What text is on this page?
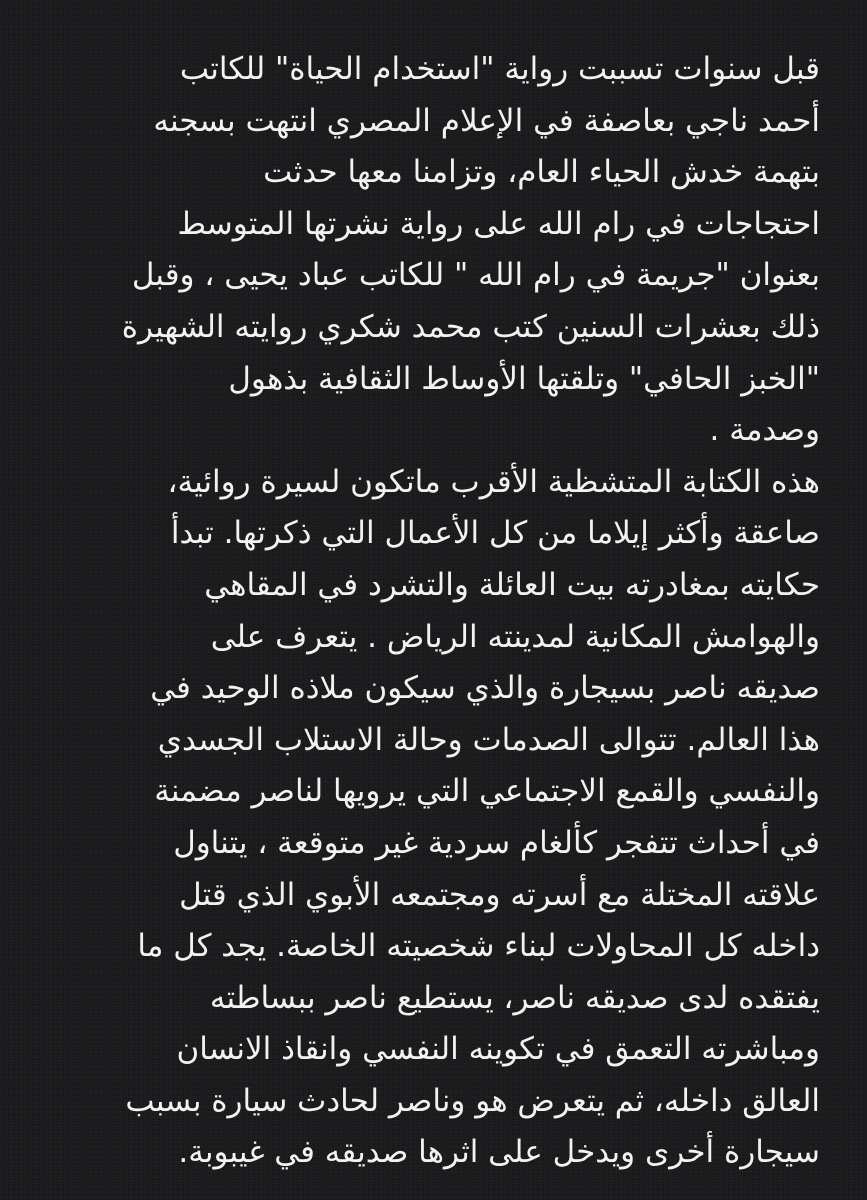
قبل سنوات تسببت رواية "استخدام الحياة" للكاتب
أحمد ناجي بعاصفة في الإعلام المصري انتهت بسجنه
بتهمة خدش الحياء العام، وتزامنا معها حدثت
احتجاجات في رام الله على رواية نشرتها المتوسط
بعنوان "جريمة في رام الله " للكاتب عباد يحيى ، وقبل
ذلك بعشرات السنين كتب محمد شكري روايته الشهيرة
"الخبز الحافي" وتلقتها الأوساط الثقافية بذهول
وصدمة .
هذه الكتابة المتشظية الأقرب ماتكون لسيرة روائية،
صاعقة وأكثر إيلاما من كل الأعمال التي ذكرتها. تبدأ
حكايته بمغادرته بيت العائلة والتشرد في المقاهي
والهوامش المكانية لمدينته الرياض . يتعرف على
صديقه ناصر بسيجارة والذي سيكون ملاذه الوحيد في
هذا العالم. تتوالى الصدمات وحالة الاستلاب الجسدي
والنفسي والقمع الاجتماعي التي يرويها لناصر مضمنة
في أحداث تتفجر كألغام سردية غير متوقعة ، يتناول
علاقته المختلة مع أسرته ومجتمعه الأبوي الذي قتل
داخله كل المحاولات لبناء شخصيته الخاصة. يجد كل ما
يفتقده لدى صديقه ناصر، يستطيع ناصر ببساطته
ومباشرته التعمق في تكوينه النفسي وانقاذ الانسان
العالق داخله، ثم يتعرض هو وناصر لحادث سيارة بسبب
سيجارة أخرى ويدخل على اثرها صديقه في غيبوبة.
